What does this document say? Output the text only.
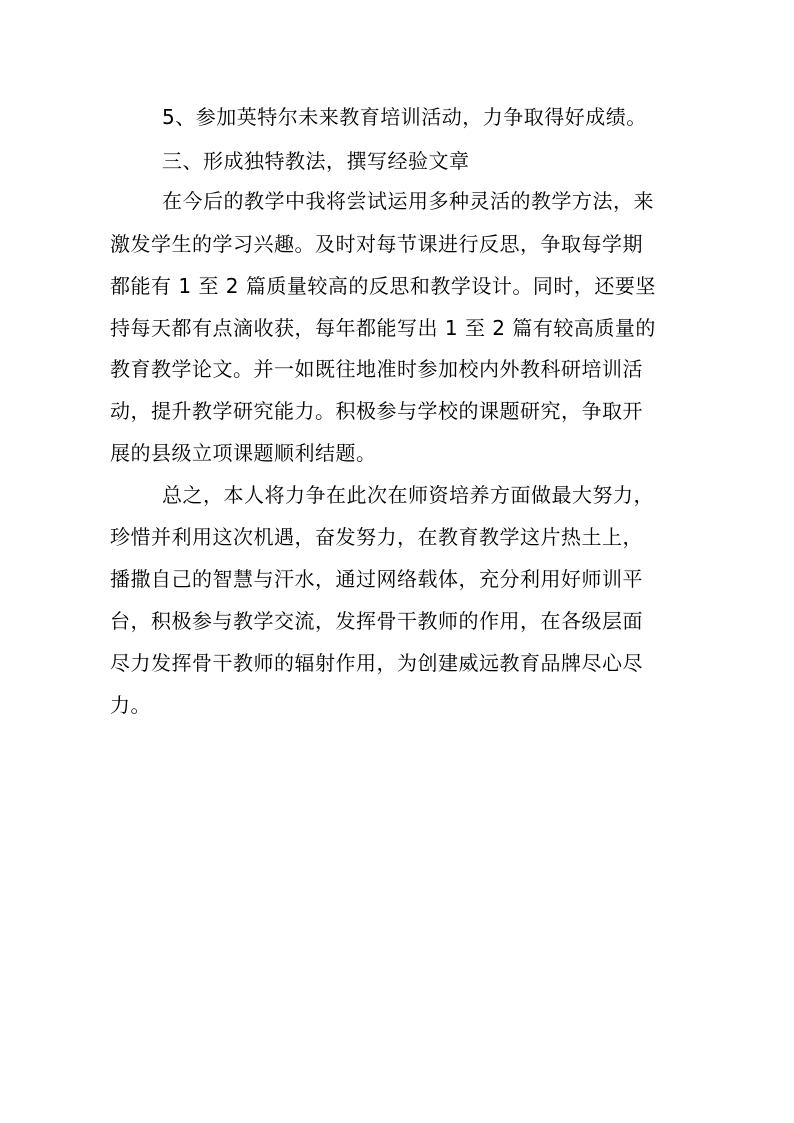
5、参加英特尔未来教育培训活动，力争取得好成绩。
三、形成独特教法，撰写经验文章
在今后的教学中我将尝试运用多种灵活的教学方法，来
激发学生的学习兴趣。及时对每节课进行反思，争取每学期
都能有 1 至 2 篇质量较高的反思和教学设计。同时，还要坚
持每天都有点滴收获，每年都能写出 1 至 2 篇有较高质量的
教育教学论文。并一如既往地准时参加校内外教科研培训活
动，提升教学研究能力。积极参与学校的课题研究，争取开
展的县级立项课题顺利结题。
总之，本人将力争在此次在师资培养方面做最大努力，
珍惜并利用这次机遇，奋发努力，在教育教学这片热土上，
播撒自己的智慧与汗水，通过网络载体，充分利用好师训平
台，积极参与教学交流，发挥骨干教师的作用，在各级层面
尽力发挥骨干教师的辐射作用，为创建威远教育品牌尽心尽
力。
